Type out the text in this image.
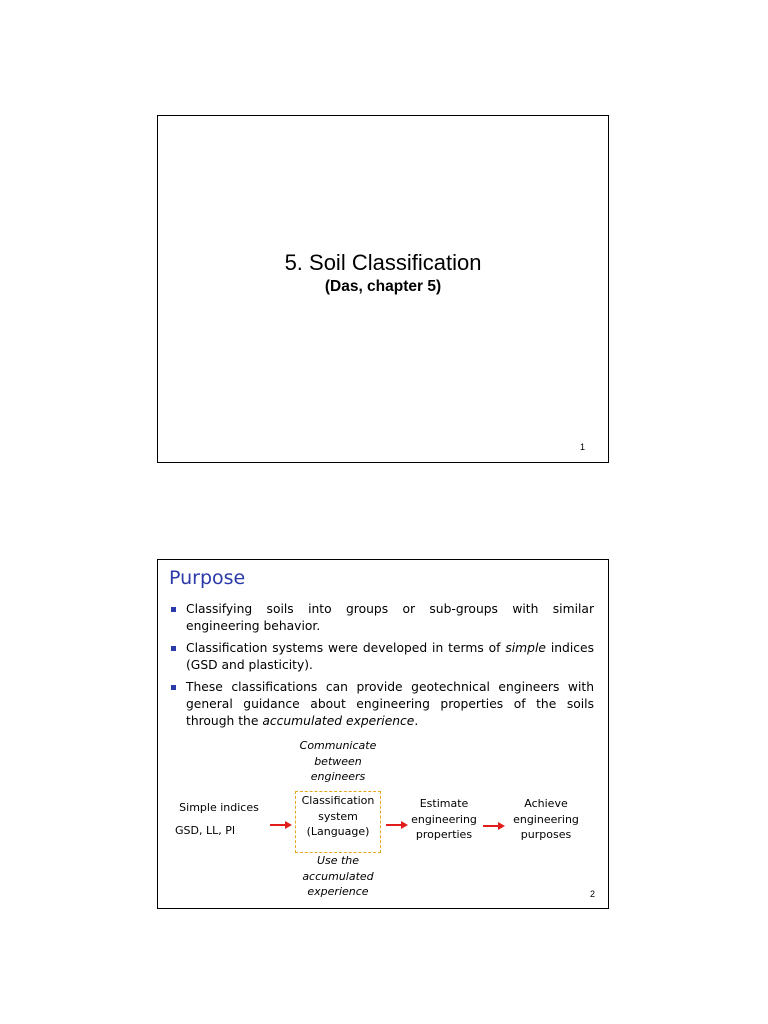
5. Soil Classification
(Das, chapter 5)
1
Purpose
Classifying soils into groups or sub-groups with similar engineering behavior.
Classification systems were developed in terms of simple indices (GSD and plasticity).
These classifications can provide geotechnical engineers with general guidance about engineering properties of the soils through the accumulated experience.
Simple indices
GSD, LL, PI
Communicate
between
engineers
Classification
system
(Language)
Use the
accumulated
experience
Estimate
engineering
properties
Achieve
engineering
purposes
2
